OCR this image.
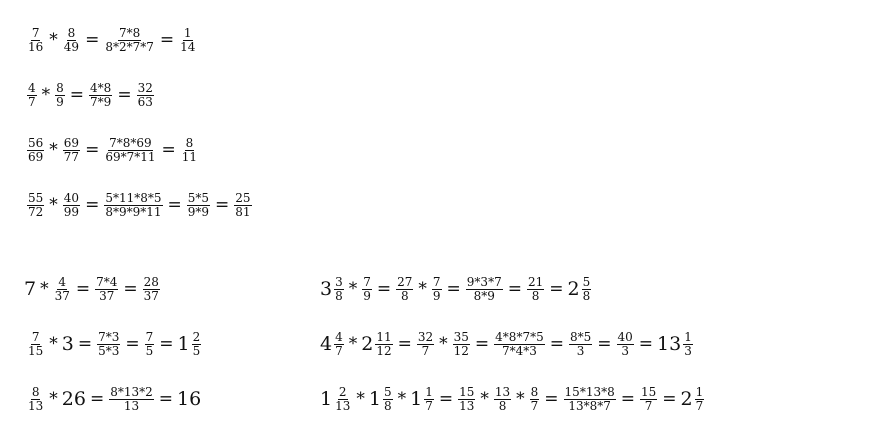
$\frac{7}{16} * \frac{8}{49} = \frac{7*8}{8*2*7*7} = \frac{1}{14}$
$\frac{4}{7} * \frac{8}{9} = \frac{4*8}{7*9} = \frac{32}{63}$
$\frac{56}{69} * \frac{69}{77} = \frac{7*8*69}{69*7*11} = \frac{8}{11}$
$\frac{55}{72} * \frac{40}{99} = \frac{5*11*8*5}{8*9*9*11} = \frac{5*5}{9*9} = \frac{25}{81}$
$7 * \frac{4}{37} = \frac{7*4}{37} = \frac{28}{37}$
$\frac{7}{15} * 3 = \frac{7*3}{5*3} = \frac{7}{5} = 1 \frac{2}{5}$
$\frac{8}{13} * 26 = \frac{8*13*2}{13} = 16$
$3 \frac{3}{8} * \frac{7}{9} = \frac{27}{8} * \frac{7}{9} = \frac{9*3*7}{8*9} = \frac{21}{8} = 2 \frac{5}{8}$
$4 \frac{4}{7} * 2 \frac{11}{12} = \frac{32}{7} * \frac{35}{12} = \frac{4*8*7*5}{7*4*3} = \frac{8*5}{3} = \frac{40}{3} = 13 \frac{1}{3}$
$1 \frac{2}{13} * 1 \frac{5}{8} * 1 \frac{1}{7} = \frac{15}{13} * \frac{13}{8} * \frac{8}{7} = \frac{15*13*8}{13*8*7} = \frac{15}{7} = 2 \frac{1}{7}$
